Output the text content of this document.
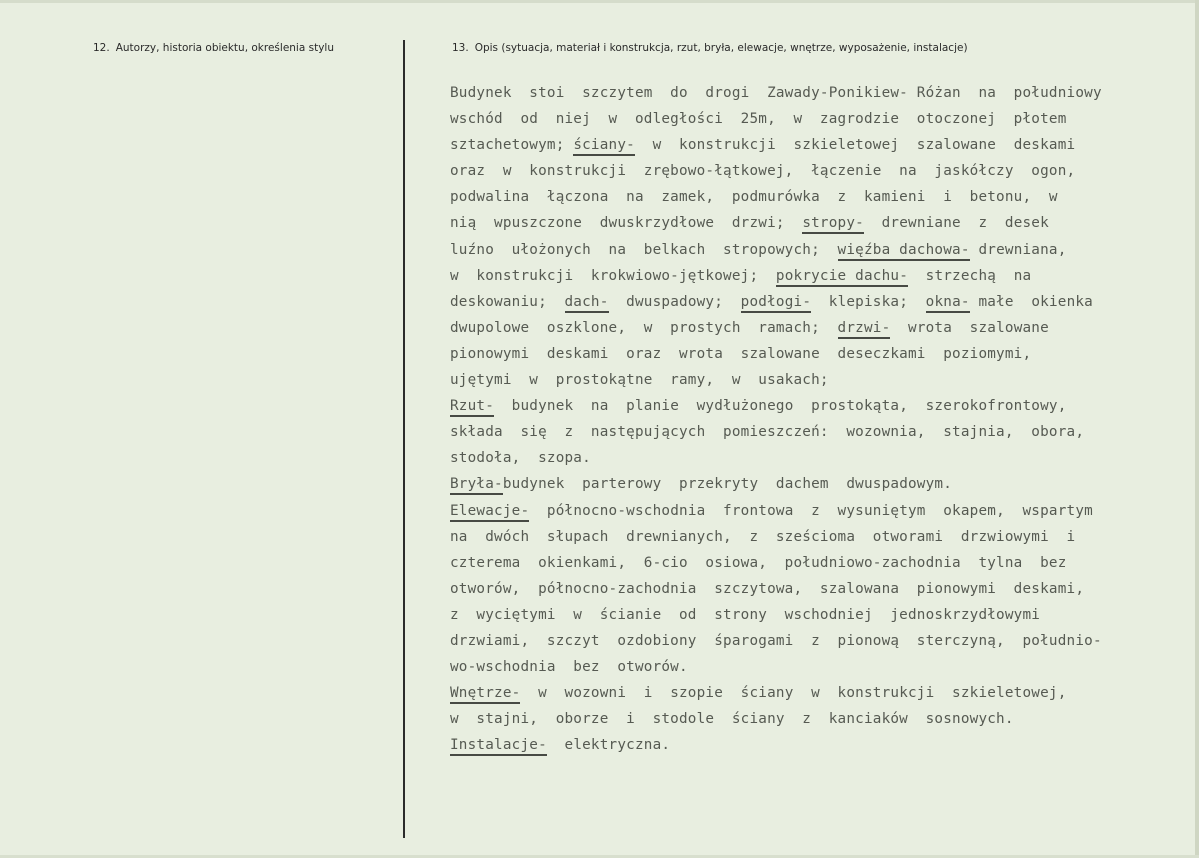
12. Autorzy, historia obiektu, określenia stylu	13. Opis (sytuacja, materiał i konstrukcja, rzut, bryła, elewacje, wnętrze, wyposażenie, instalacje)
Budynek  stoi  szczytem  do  drogi  Zawady-Ponikiew- Różan  na  południowy
wschód  od  niej  w  odległości  25m,  w  zagrodzie  otoczonej  płotem
sztachetowym; ściany-  w  konstrukcji  szkieletowej  szalowane  deskami
oraz  w  konstrukcji  zrębowo-łątkowej,  łączenie  na  jaskółczy  ogon,
podwalina  łączona  na  zamek,  podmurówka  z  kamieni  i  betonu,  w
nią  wpuszczone  dwuskrzydłowe  drzwi;  stropy-  drewniane  z  desek
luźno  ułożonych  na  belkach  stropowych;  więźba dachowa- drewniana,
w  konstrukcji  krokwiowo-jętkowej;  pokrycie dachu-  strzechą  na
deskowaniu;  dach-  dwuspadowy;  podłogi-  klepiska;  okna- małe  okienka
dwupolowe  oszklone,  w  prostych  ramach;  drzwi-  wrota  szalowane
pionowymi  deskami  oraz  wrota  szalowane  deseczkami  poziomymi,
ujętymi  w  prostokątne  ramy,  w  usakach;
Rzut-  budynek  na  planie  wydłużonego  prostokąta,  szerokofrontowy,
składa  się  z  następujących  pomieszczeń:  wozownia,  stajnia,  obora,
stodoła,  szopa.
Bryła-budynek  parterowy  przekryty  dachem  dwuspadowym.
Elewacje-  północno-wschodnia  frontowa  z  wysuniętym  okapem,  wspartym
na  dwóch  słupach  drewnianych,  z  sześcioma  otworami  drzwiowymi  i
czterema  okienkami,  6-cio  osiowa,  południowo-zachodnia  tylna  bez
otworów,  północno-zachodnia  szczytowa,  szalowana  pionowymi  deskami,
z  wyciętymi  w  ścianie  od  strony  wschodniej  jednoskrzydłowymi
drzwiami,  szczyt  ozdobiony  śparogami  z  pionową  sterczyną,  południo-
wo-wschodnia  bez  otworów.
Wnętrze-  w  wozowni  i  szopie  ściany  w  konstrukcji  szkieletowej,
w  stajni,  oborze  i  stodole  ściany  z  kanciaków  sosnowych.
Instalacje-  elektryczna.
